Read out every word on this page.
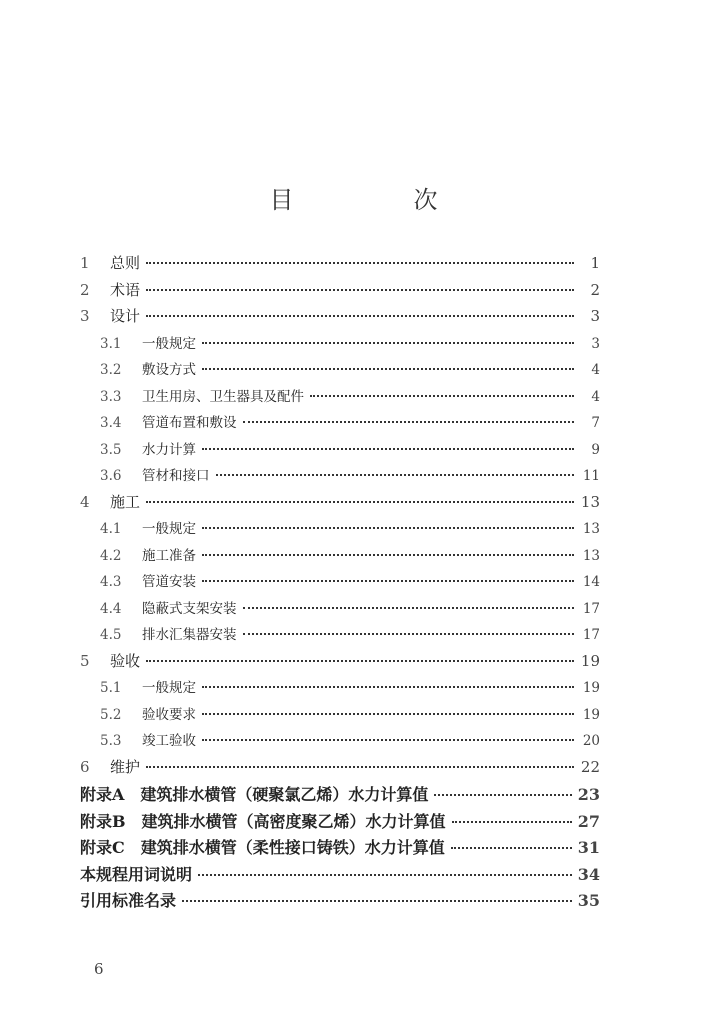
目　次
1	总则	1
2	术语	2
3	设计	3
3.1	一般规定	3
3.2	敷设方式	4
3.3	卫生用房、卫生器具及配件	4
3.4	管道布置和敷设	7
3.5	水力计算	9
3.6	管材和接口	11
4	施工	13
4.1	一般规定	13
4.2	施工准备	13
4.3	管道安装	14
4.4	隐蔽式支架安装	17
4.5	排水汇集器安装	17
5	验收	19
5.1	一般规定	19
5.2	验收要求	19
5.3	竣工验收	20
6	维护	22
附录A　建筑排水横管（硬聚氯乙烯）水力计算值	23
附录B　建筑排水横管（高密度聚乙烯）水力计算值	27
附录C　建筑排水横管（柔性接口铸铁）水力计算值	31
本规程用词说明	34
引用标准名录	35
6
